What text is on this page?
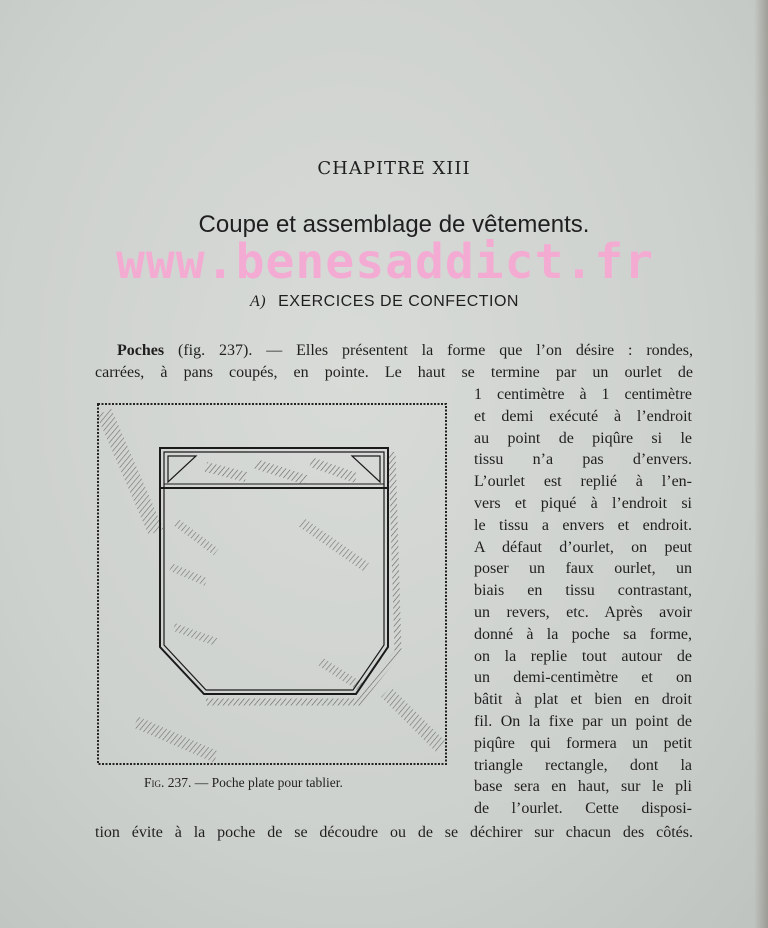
CHAPITRE XIII
Coupe et assemblage de vêtements.
www.benesaddict.fr
A) EXERCICES DE CONFECTION
Poches (fig. 237). — Elles présentent la forme que l’on désire : rondes,
carrées, à pans coupés, en pointe. Le haut se termine par un ourlet de
1 centimètre à 1 centimètre
et demi exécuté à l’endroit
au point de piqûre si le
tissu n’a pas d’envers.
L’ourlet est replié à l’en-
vers et piqué à l’endroit si
le tissu a envers et endroit.
A défaut d’ourlet, on peut
poser un faux ourlet, un
biais en tissu contrastant,
un revers, etc. Après avoir
donné à la poche sa forme,
on la replie tout autour de
un demi-centimètre et on
bâtit à plat et bien en droit
fil. On la fixe par un point de
piqûre qui formera un petit
triangle rectangle, dont la
base sera en haut, sur le pli
de l’ourlet. Cette disposi-
tion évite à la poche de se découdre ou de se déchirer sur chacun des côtés.
Fig. 237. — Poche plate pour tablier.
